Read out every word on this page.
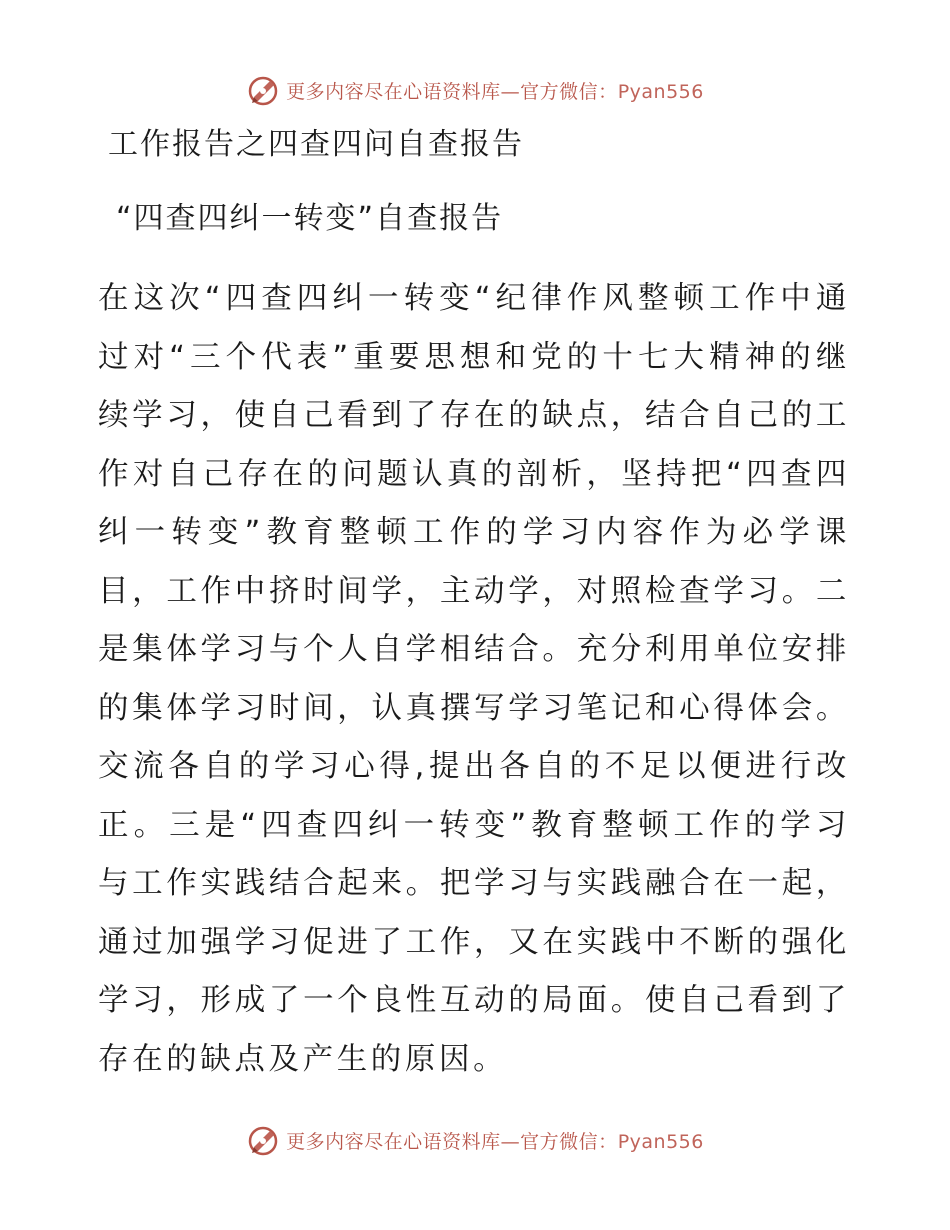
更多内容尽在心语资料库—官方微信：Pyan556
工作报告之四查四问自查报告
“四查四纠一转变”自查报告

在这次“四查四纠一转变“纪律作风整顿工作中通过对“三个代表”重要思想和党的十七大精神的继续学习，使自己看到了存在的缺点，结合自己的工作对自己存在的问题认真的剖析，坚持把“四查四纠一转变”教育整顿工作的学习内容作为必学课目，工作中挤时间学，主动学，对照检查学习。二是集体学习与个人自学相结合。充分利用单位安排的集体学习时间，认真撰写学习笔记和心得体会。交流各自的学习心得,提出各自的不足以便进行改正。三是“四查四纠一转变”教育整顿工作的学习与工作实践结合起来。把学习与实践融合在一起，通过加强学习促进了工作，又在实践中不断的强化学习，形成了一个良性互动的局面。使自己看到了存在的缺点及产生的原因。

更多内容尽在心语资料库—官方微信：Pyan556
